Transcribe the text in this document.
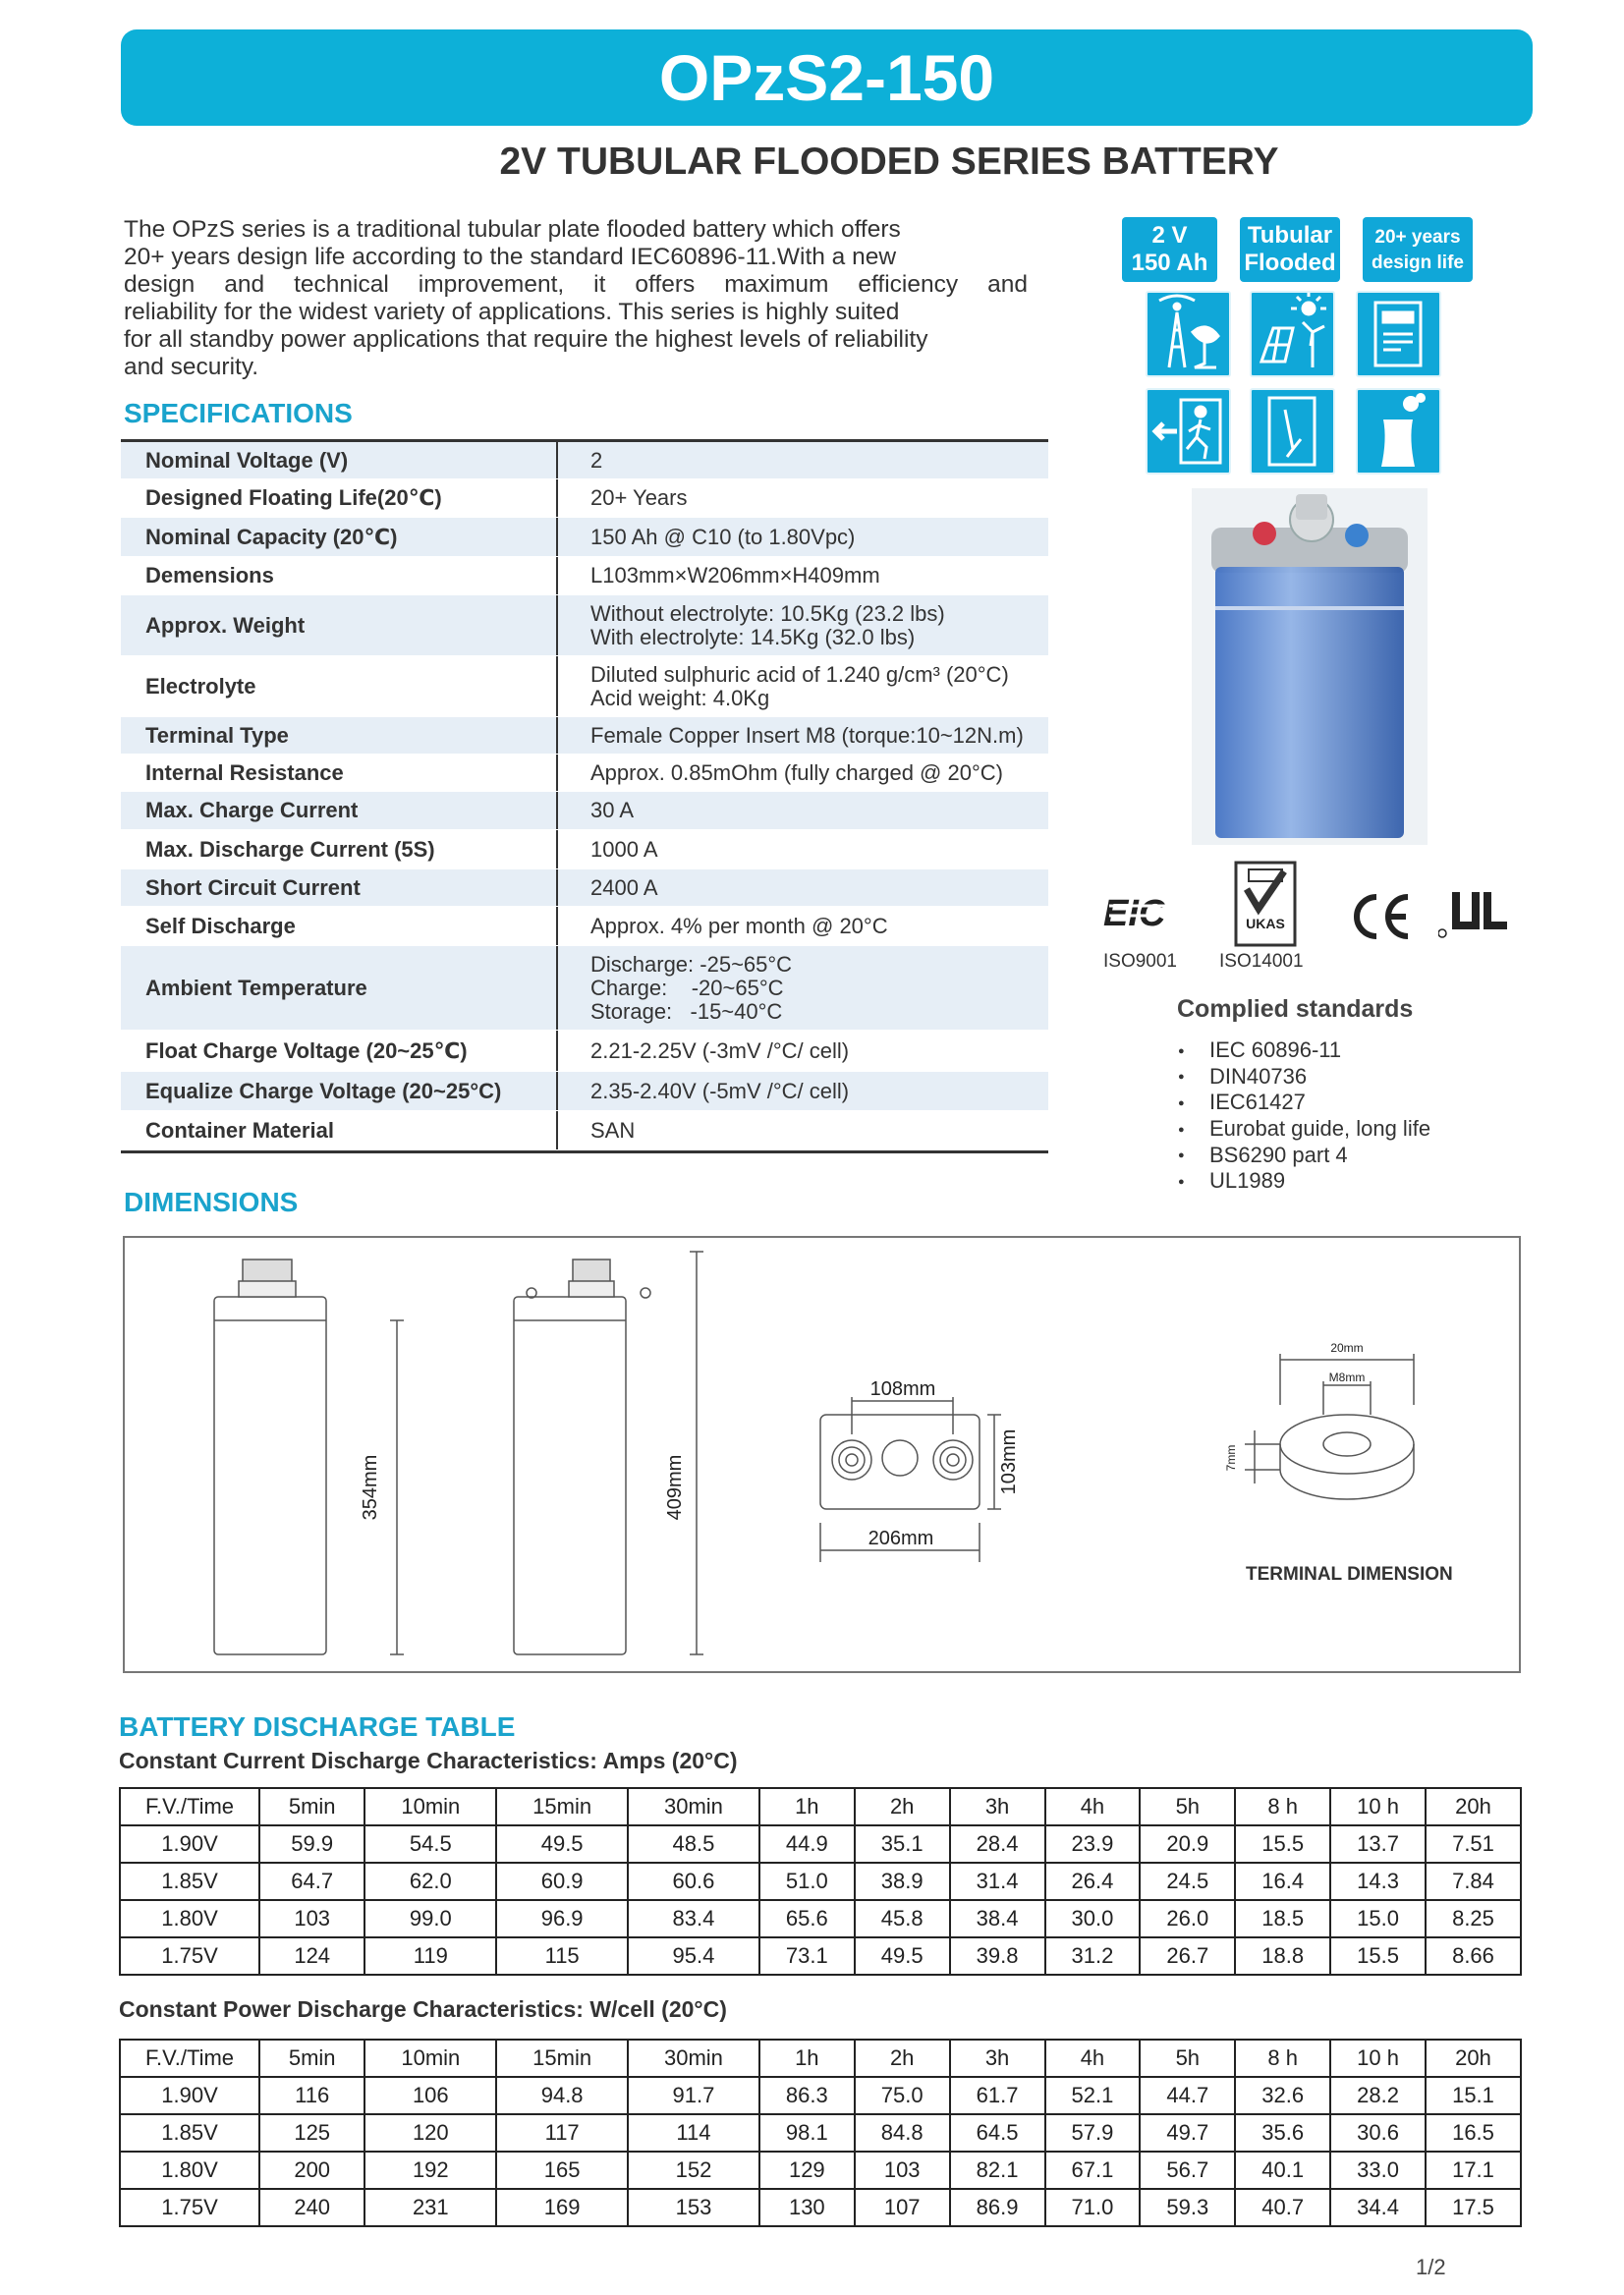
OPzS2-150
2V TUBULAR FLOODED SERIES BATTERY
The OPzS series is a traditional tubular plate flooded battery which offers
20+ years design life according to the standard IEC60896-11.With a new
design and technical improvement, it offers maximum efficiency and
reliability for the widest variety of applications. This series is highly suited
for all standby power applications that require the highest levels of reliability
and security.
SPECIFICATIONS
Nominal Voltage (V)	2
Designed Floating Life(20℃)	20+ Years
Nominal Capacity (20℃)	150 Ah @ C10 (to 1.80Vpc)
Demensions	L103mm×W206mm×H409mm
Approx. Weight	Without electrolyte: 10.5Kg (23.2 lbs)
With electrolyte: 14.5Kg (32.0 lbs)
Electrolyte	Diluted sulphuric acid of 1.240 g/cm³ (20°C)
Acid weight: 4.0Kg
Terminal Type	Female Copper Insert M8 (torque:10~12N.m)
Internal Resistance	Approx. 0.85mOhm (fully charged @ 20°C)
Max. Charge Current	30 A
Max. Discharge Current (5S)	1000 A
Short Circuit Current	2400 A
Self Discharge	Approx. 4% per month @ 20°C
Ambient Temperature
Discharge: -25~65°C
Charge:    -20~65°C
Storage:   -15~40°C
Float Charge Voltage (20~25℃)	2.21-2.25V (-3mV /°C/ cell)
Equalize Charge Voltage (20~25°C)	2.35-2.40V (-5mV /°C/ cell)
Container Material	SAN
2 V
150 Ah
Tubular
Flooded
20+ years
design life
EIC
ISO9001
UKAS
ISO14001
Complied standards
● IEC 60896-11
● DIN40736
● IEC61427
● Eurobat guide, long life
● BS6290 part 4
● UL1989
DIMENSIONS
354mm	409mm
108mm
206mm
103mm
20mm
M8mm
7mm
TERMINAL DIMENSION
BATTERY DISCHARGE TABLE
Constant Current Discharge Characteristics: Amps (20°C)
F.V./Time	5min	10min	15min	30min	1h	2h	3h	4h	5h	8 h	10 h	20h
1.90V	59.9	54.5	49.5	48.5	44.9	35.1	28.4	23.9	20.9	15.5	13.7	7.51
1.85V	64.7	62.0	60.9	60.6	51.0	38.9	31.4	26.4	24.5	16.4	14.3	7.84
1.80V	103	99.0	96.9	83.4	65.6	45.8	38.4	30.0	26.0	18.5	15.0	8.25
1.75V	124	119	115	95.4	73.1	49.5	39.8	31.2	26.7	18.8	15.5	8.66
Constant Power Discharge Characteristics: W/cell (20°C)
F.V./Time	5min	10min	15min	30min	1h	2h	3h	4h	5h	8 h	10 h	20h
1.90V	116	106	94.8	91.7	86.3	75.0	61.7	52.1	44.7	32.6	28.2	15.1
1.85V	125	120	117	114	98.1	84.8	64.5	57.9	49.7	35.6	30.6	16.5
1.80V	200	192	165	152	129	103	82.1	67.1	56.7	40.1	33.0	17.1
1.75V	240	231	169	153	130	107	86.9	71.0	59.3	40.7	34.4	17.5
1/2
